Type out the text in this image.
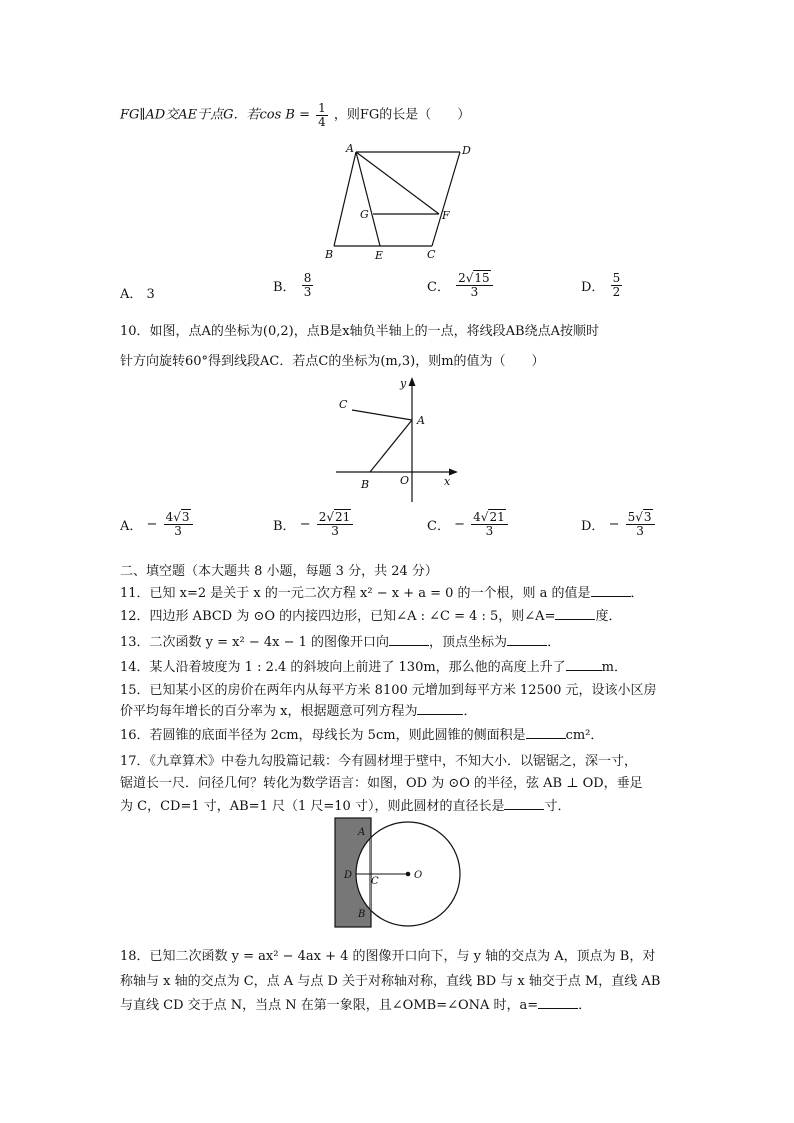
FG∥AD交AE于点G．若$\cos B = \frac{1}{4}$ ，则FG的长是（　　）
A	D
G	F
B	E	C
A． 3	B． $\frac{8}{3}$	C． $\frac{2√15}{3}$	D． $\frac{5}{2}$
10．如图，点A的坐标为(0,2)，点B是x轴负半轴上的一点，将线段AB绕点A按顺时
针方向旋转60°得到线段AC．若点C的坐标为(m,3)，则m的值为（　　）
y
C
A
B	O	x
A． − $\frac{4√3}{3}$	B． − $\frac{2√21}{3}$	C． − $\frac{4√21}{3}$	D． − $\frac{5√3}{3}$
二、填空题（本大题共 8 小题，每题 3 分，共 24 分）
11．已知 x=2 是关于 x 的一元二次方程 x² − x + a = 0 的一个根，则 a 的值是	．
12．四边形 ABCD 为 ⊙O 的内接四边形，已知∠A : ∠C = 4 : 5，则∠A=	度．
13．二次函数 y = x² − 4x − 1 的图像开口向	，顶点坐标为	．
14．某人沿着坡度为 1 : 2.4 的斜坡向上前进了 130m，那么他的高度上升了	m．
15．已知某小区的房价在两年内从每平方米 8100 元增加到每平方米 12500 元，设该小区房
价平均每年增长的百分率为 x，根据题意可列方程为	．
16．若圆锥的底面半径为 2cm，母线长为 5cm，则此圆锥的侧面积是	cm²．
17．《九章算术》中卷九勾股篇记载：今有圆材埋于壁中，不知大小．以锯锯之，深一寸，
锯道长一尺．问径几何？转化为数学语言：如图，OD 为 ⊙O 的半径，弦 AB ⊥ OD，垂足
为 C，CD=1 寸，AB=1 尺（1 尺=10 寸），则此圆材的直径长是	寸．
A
D
C
O
B
18．已知二次函数 y = ax² − 4ax + 4 的图像开口向下，与 y 轴的交点为 A，顶点为 B，对
称轴与 x 轴的交点为 C，点 A 与点 D 关于对称轴对称，直线 BD 与 x 轴交于点 M，直线 AB
与直线 CD 交于点 N，当点 N 在第一象限，且∠OMB=∠ONA 时，a=	．
